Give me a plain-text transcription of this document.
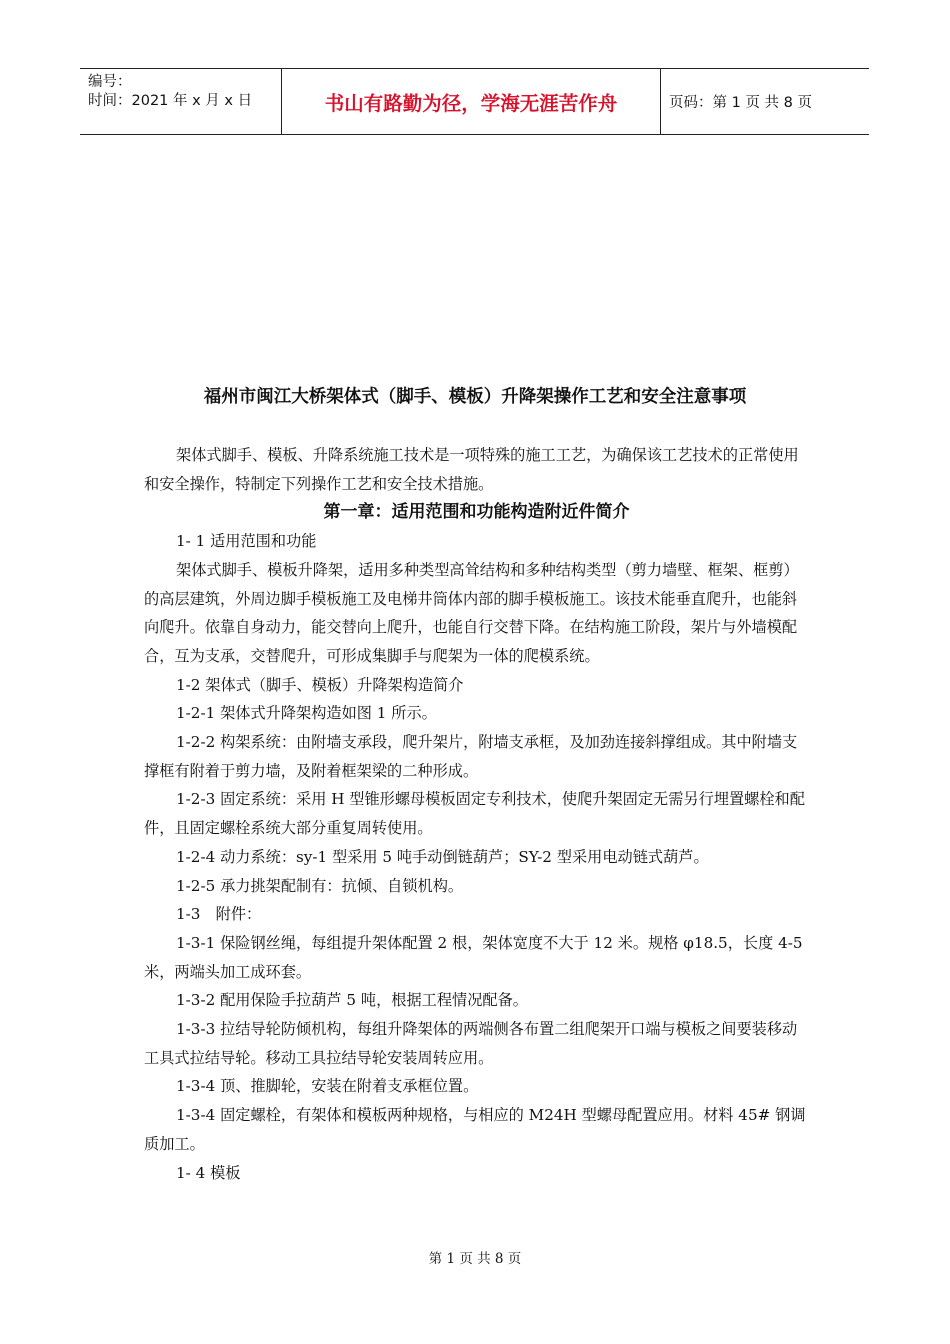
编号：
时间：2021 年 x 月 x 日	书山有路勤为径，学海无涯苦作舟	页码：第 1 页 共 8 页
福州市闽江大桥架体式（脚手、模板）升降架操作工艺和安全注意事项

架体式脚手、模板、升降系统施工技术是一项特殊的施工工艺，为确保该工艺技术的正常使用和安全操作，特制定下列操作工艺和安全技术措施。

第一章：适用范围和功能构造附近件简介

1- 1 适用范围和功能

架体式脚手、模板升降架，适用多种类型高耸结构和多种结构类型（剪力墙壁、框架、框剪）的高层建筑，外周边脚手模板施工及电梯井筒体内部的脚手模板施工。该技术能垂直爬升，也能斜向爬升。依靠自身动力，能交替向上爬升，也能自行交替下降。在结构施工阶段，架片与外墙模配合，互为支承，交替爬升，可形成集脚手与爬架为一体的爬模系统。

1-2 架体式（脚手、模板）升降架构造简介

1-2-1 架体式升降架构造如图 1 所示。

1-2-2 构架系统：由附墙支承段，爬升架片，附墙支承框，及加劲连接斜撑组成。其中附墙支撑框有附着于剪力墙，及附着框架梁的二种形成。

1-2-3 固定系统：采用 H 型锥形螺母模板固定专利技术，使爬升架固定无需另行埋置螺栓和配件，且固定螺栓系统大部分重复周转使用。

1-2-4 动力系统：sy-1 型采用 5 吨手动倒链葫芦；SY-2 型采用电动链式葫芦。

1-2-5 承力挑架配制有：抗倾、自锁机构。

1-3　附件：

1-3-1 保险钢丝绳，每组提升架体配置 2 根，架体宽度不大于 12 米。规格 φ18.5，长度 4-5 米，两端头加工成环套。

1-3-2 配用保险手拉葫芦 5 吨，根据工程情况配备。

1-3-3 拉结导轮防倾机构，每组升降架体的两端侧各布置二组爬架开口端与模板之间要装移动工具式拉结导轮。移动工具拉结导轮安装周转应用。

1-3-4 顶、推脚轮，安装在附着支承框位置。

1-3-4 固定螺栓，有架体和模板两种规格，与相应的 M24H 型螺母配置应用。材料 45# 钢调质加工。

1- 4 模板

第 1 页 共 8 页
